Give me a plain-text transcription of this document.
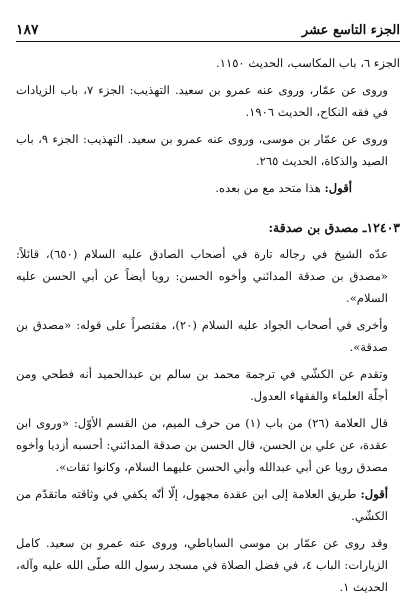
الجزء التاسع عشر
١٨٧

الجزء ٦، باب المكاسب، الحديث ١١٥٠.

وروى عن عمّار، وروى عنه عمرو بن سعيد. التهذيب: الجزء ٧، باب الزيادات في فقه النكاح، الحديث ١٩٠٦.

وروى عن عمّار بن موسى، وروى عنه عمرو بن سعيد. التهذيب: الجزء ٩، باب الصيد والذكاة، الحديث ٢٦٥.

أقول: هذا متحد مع من بعده.

١٢٤٠٣ـ مصدق بن صدقة:

عدّه الشيخ في رجاله تارة في أصحاب الصادق عليه السلام (٦٥٠)، قائلاً: «مصدق بن صدقة المدائني وأخوه الحسن: رويا أيضاً عن أبي الحسن عليه السلام».

وأخرى في أصحاب الجواد عليه السلام (٢٠)، مقتصراً على قوله: «مصدق بن صدقة».

وتقدم عن الكشّي في ترجمة محمد بن سالم بن عبدالحميد أنه فطحي ومن أجلّة العلماء والفقهاء العدول.

قال العلامة (٢٦) من باب (١) من حرف الميم، من القسم الأوّل: «وروى ابن عقدة، عن علي بن الحسن، قال الحسن بن صدقة المدائني: أحسبه أزديا وأخوه مصدق رويا عن أبي عبدالله وأبي الحسن عليهما السلام، وكانوا ثقات».

أقول: طريق العلامة إلى ابن عقدة مجهول، إلّا أنّه يكفي في وثاقته ماتقدّم من الكشّي.

وقد روى عن عمّار بن موسى الساباطي، وروى عنه عمرو بن سعيد. كامل الزيارات: الباب ٤، في فضل الصلاة في مسجد رسول الله صلّى الله عليه وآله، الحديث ١.
